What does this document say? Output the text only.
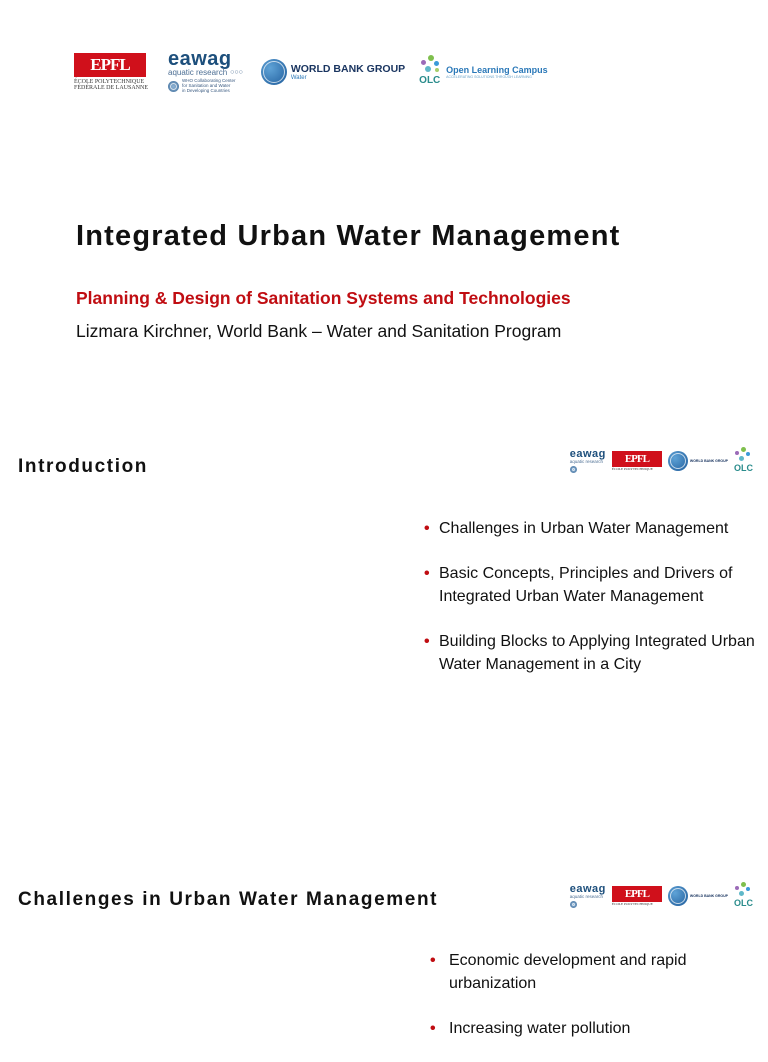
EPFL
ÉCOLE POLYTECHNIQUE
FÉDÉRALE DE LAUSANNE
eawag
aquatic research ○○○
WHO Collaborating Center
for Sanitation and Water
in Developing Countries
WORLD BANK GROUP
Water	OLC
Open Learning Campus
ACCELERATING SOLUTIONS THROUGH LEARNING
Integrated Urban Water Management
Planning & Design of Sanitation Systems and Technologies
Lizmara Kirchner, World Bank – Water and Sanitation Program
Introduction
eawag
aquatic research	EPFL
ÉCOLE POLYTECHNIQUE
WORLD BANK GROUP
OLC
• Challenges in Urban Water Management
• Basic Concepts, Principles and Drivers of Integrated Urban Water Management
• Building Blocks to Applying Integrated Urban Water Management in a City
Challenges in Urban Water Management	eawag
aquatic research	EPFL
ÉCOLE POLYTECHNIQUE
WORLD BANK GROUP
OLC
• Economic development and rapid urbanization
• Increasing water pollution
